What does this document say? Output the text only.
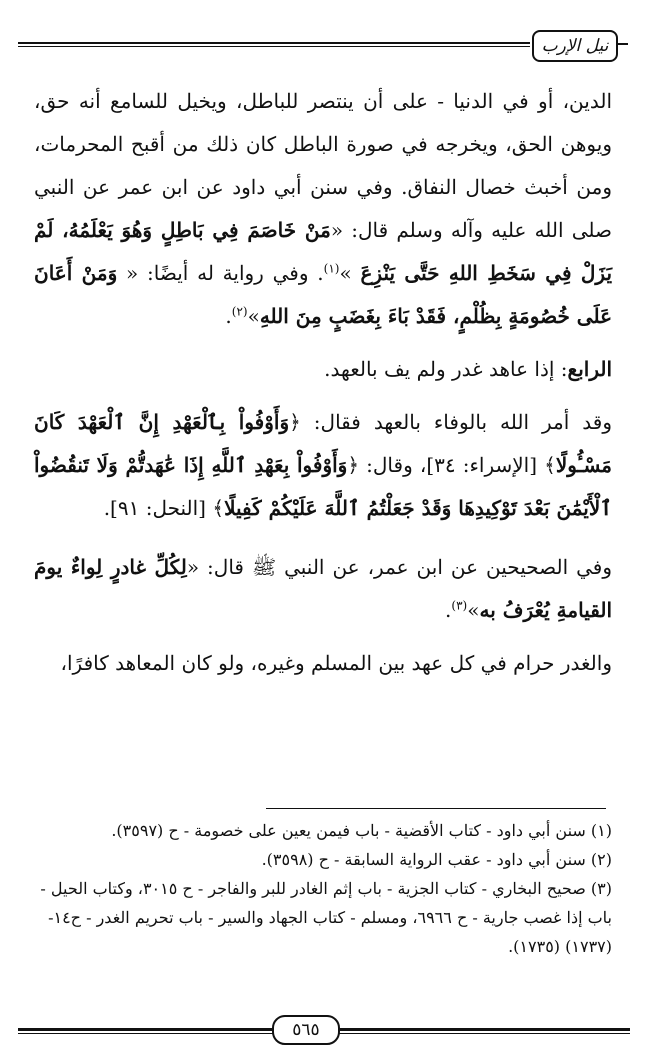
نيل الإرب

الدين، أو في الدنيا - على أن ينتصر للباطل، ويخيل للسامع أنه حق، ويوهن الحق، ويخرجه في صورة الباطل كان ذلك من أقبح المحرمات، ومن أخبث خصال النفاق. وفي سنن أبي داود عن ابن عمر عن النبي صلى الله عليه وآله وسلم قال: «مَنْ خَاصَمَ فِي بَاطِلٍ وَهُوَ يَعْلَمُهُ، لَمْ يَزَلْ فِي سَخَطِ اللهِ حَتَّى يَنْزِعَ »$^{(١)}$. وفي رواية له أيضًا: « وَمَنْ أَعَانَ عَلَى خُصُومَةٍ بِظُلْمٍ، فَقَدْ بَاءَ بِغَضَبٍ مِنَ اللهِ»$^{(٢)}$.

الرابع: إذا عاهد غدر ولم يف بالعهد.

وقد أمر الله بالوفاء بالعهد فقال: ﴿وَأَوْفُواْ بِٱلْعَهْدِ إِنَّ ٱلْعَهْدَ كَانَ مَسْـُٔولًا﴾ [الإسراء: ٣٤]، وقال: ﴿وَأَوْفُواْ بِعَهْدِ ٱللَّهِ إِذَا عَٰهَدتُّمْ وَلَا تَنقُضُواْ ٱلْأَيْمَٰنَ بَعْدَ تَوْكِيدِهَا وَقَدْ جَعَلْتُمُ ٱللَّهَ عَلَيْكُمْ كَفِيلًا﴾ [النحل: ٩١].

وفي الصحيحين عن ابن عمر، عن النبي ﷺ قال: «لِكُلِّ غادرٍ لِواءٌ يومَ القيامةِ يُعْرَفُ به»$^{(٣)}$.

والغدر حرام في كل عهد بين المسلم وغيره، ولو كان المعاهد كافرًا،

(١) سنن أبي داود - كتاب الأقضية - باب فيمن يعين على خصومة - ح (٣٥٩٧).

(٢) سنن أبي داود - عقب الرواية السابقة - ح (٣٥٩٨).

(٣) صحيح البخاري - كتاب الجزية - باب إثم الغادر للبر والفاجر - ح ٣٠١٥، وكتاب الحيل - باب إذا غصب جارية - ح ٦٩٦٦، ومسلم - كتاب الجهاد والسير - باب تحريم الغدر - ح١٤-(١٧٣٧) (١٧٣٥).

٥٦٥
